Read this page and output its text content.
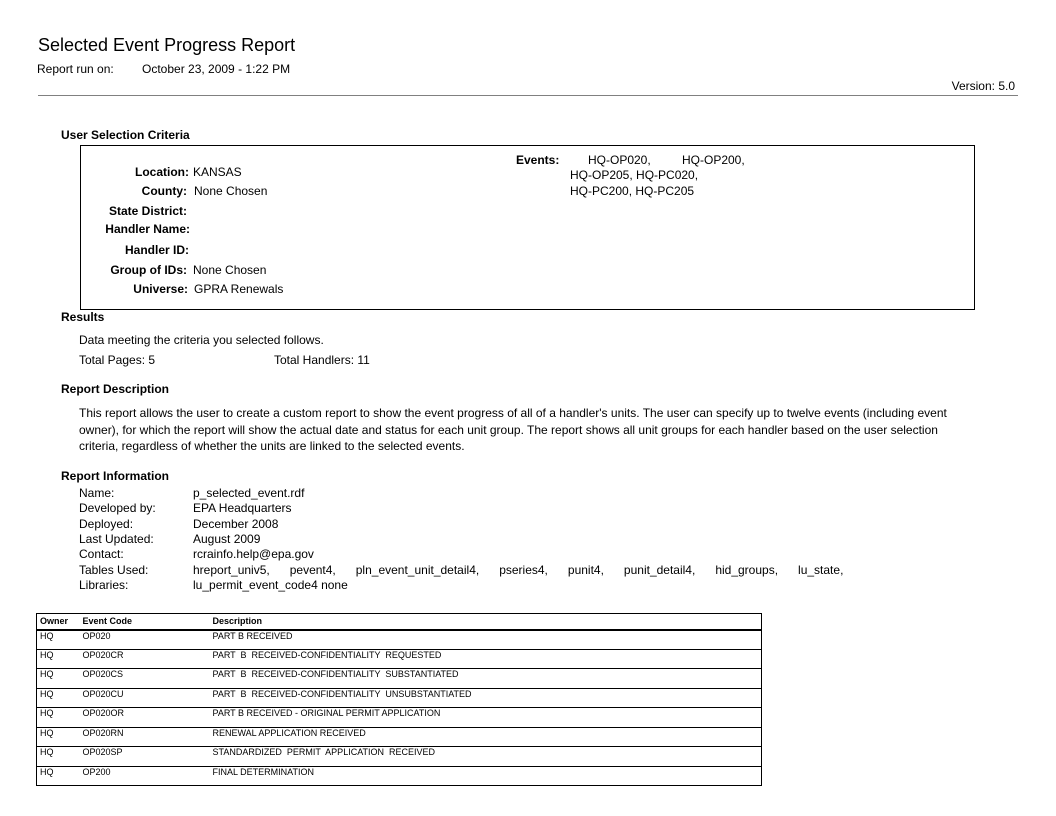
Selected Event Progress Report
Report run on: October 23, 2009 - 1:22 PM
Version: 5.0
User Selection Criteria
Location: KANSAS
County: None Chosen
State District:
Handler Name:
Handler ID:
Group of IDs: None Chosen
Universe: GPRA Renewals
Events: HQ-OP020,	HQ-OP200,
HQ-OP205, HQ-PC020,
HQ-PC200, HQ-PC205
Results
Data meeting the criteria you selected follows.
Total Pages: 5	Total Handlers: 11
Report Description
This report allows the user to create a custom report to show the event progress of all of a handler's units. The user can specify up to twelve events (including event owner), for which the report will show the actual date and status for each unit group. The report shows all unit groups for each handler based on the user selection criteria, regardless of whether the units are linked to the selected events.
Report Information
Name:	p_selected_event.rdf
Developed by:	EPA Headquarters
Deployed:	December 2008
Last Updated:	August 2009
Contact:	rcrainfo.help@epa.gov
Tables Used:	hreport_univ5,      pevent4,      pln_event_unit_detail4,      pseries4,      punit4,      punit_detail4,      hid_groups,      lu_state,
Libraries:	lu_permit_event_code4 none
Owner	Event Code	Description
HQ	OP020	PART B RECEIVED
HQ	OP020CR	PART  B  RECEIVED-CONFIDENTIALITY  REQUESTED
HQ	OP020CS	PART  B  RECEIVED-CONFIDENTIALITY  SUBSTANTIATED
HQ	OP020CU	PART  B  RECEIVED-CONFIDENTIALITY  UNSUBSTANTIATED
HQ	OP020OR	PART B RECEIVED - ORIGINAL PERMIT APPLICATION
HQ	OP020RN	RENEWAL APPLICATION RECEIVED
HQ	OP020SP	STANDARDIZED  PERMIT  APPLICATION  RECEIVED
HQ	OP200	FINAL DETERMINATION
